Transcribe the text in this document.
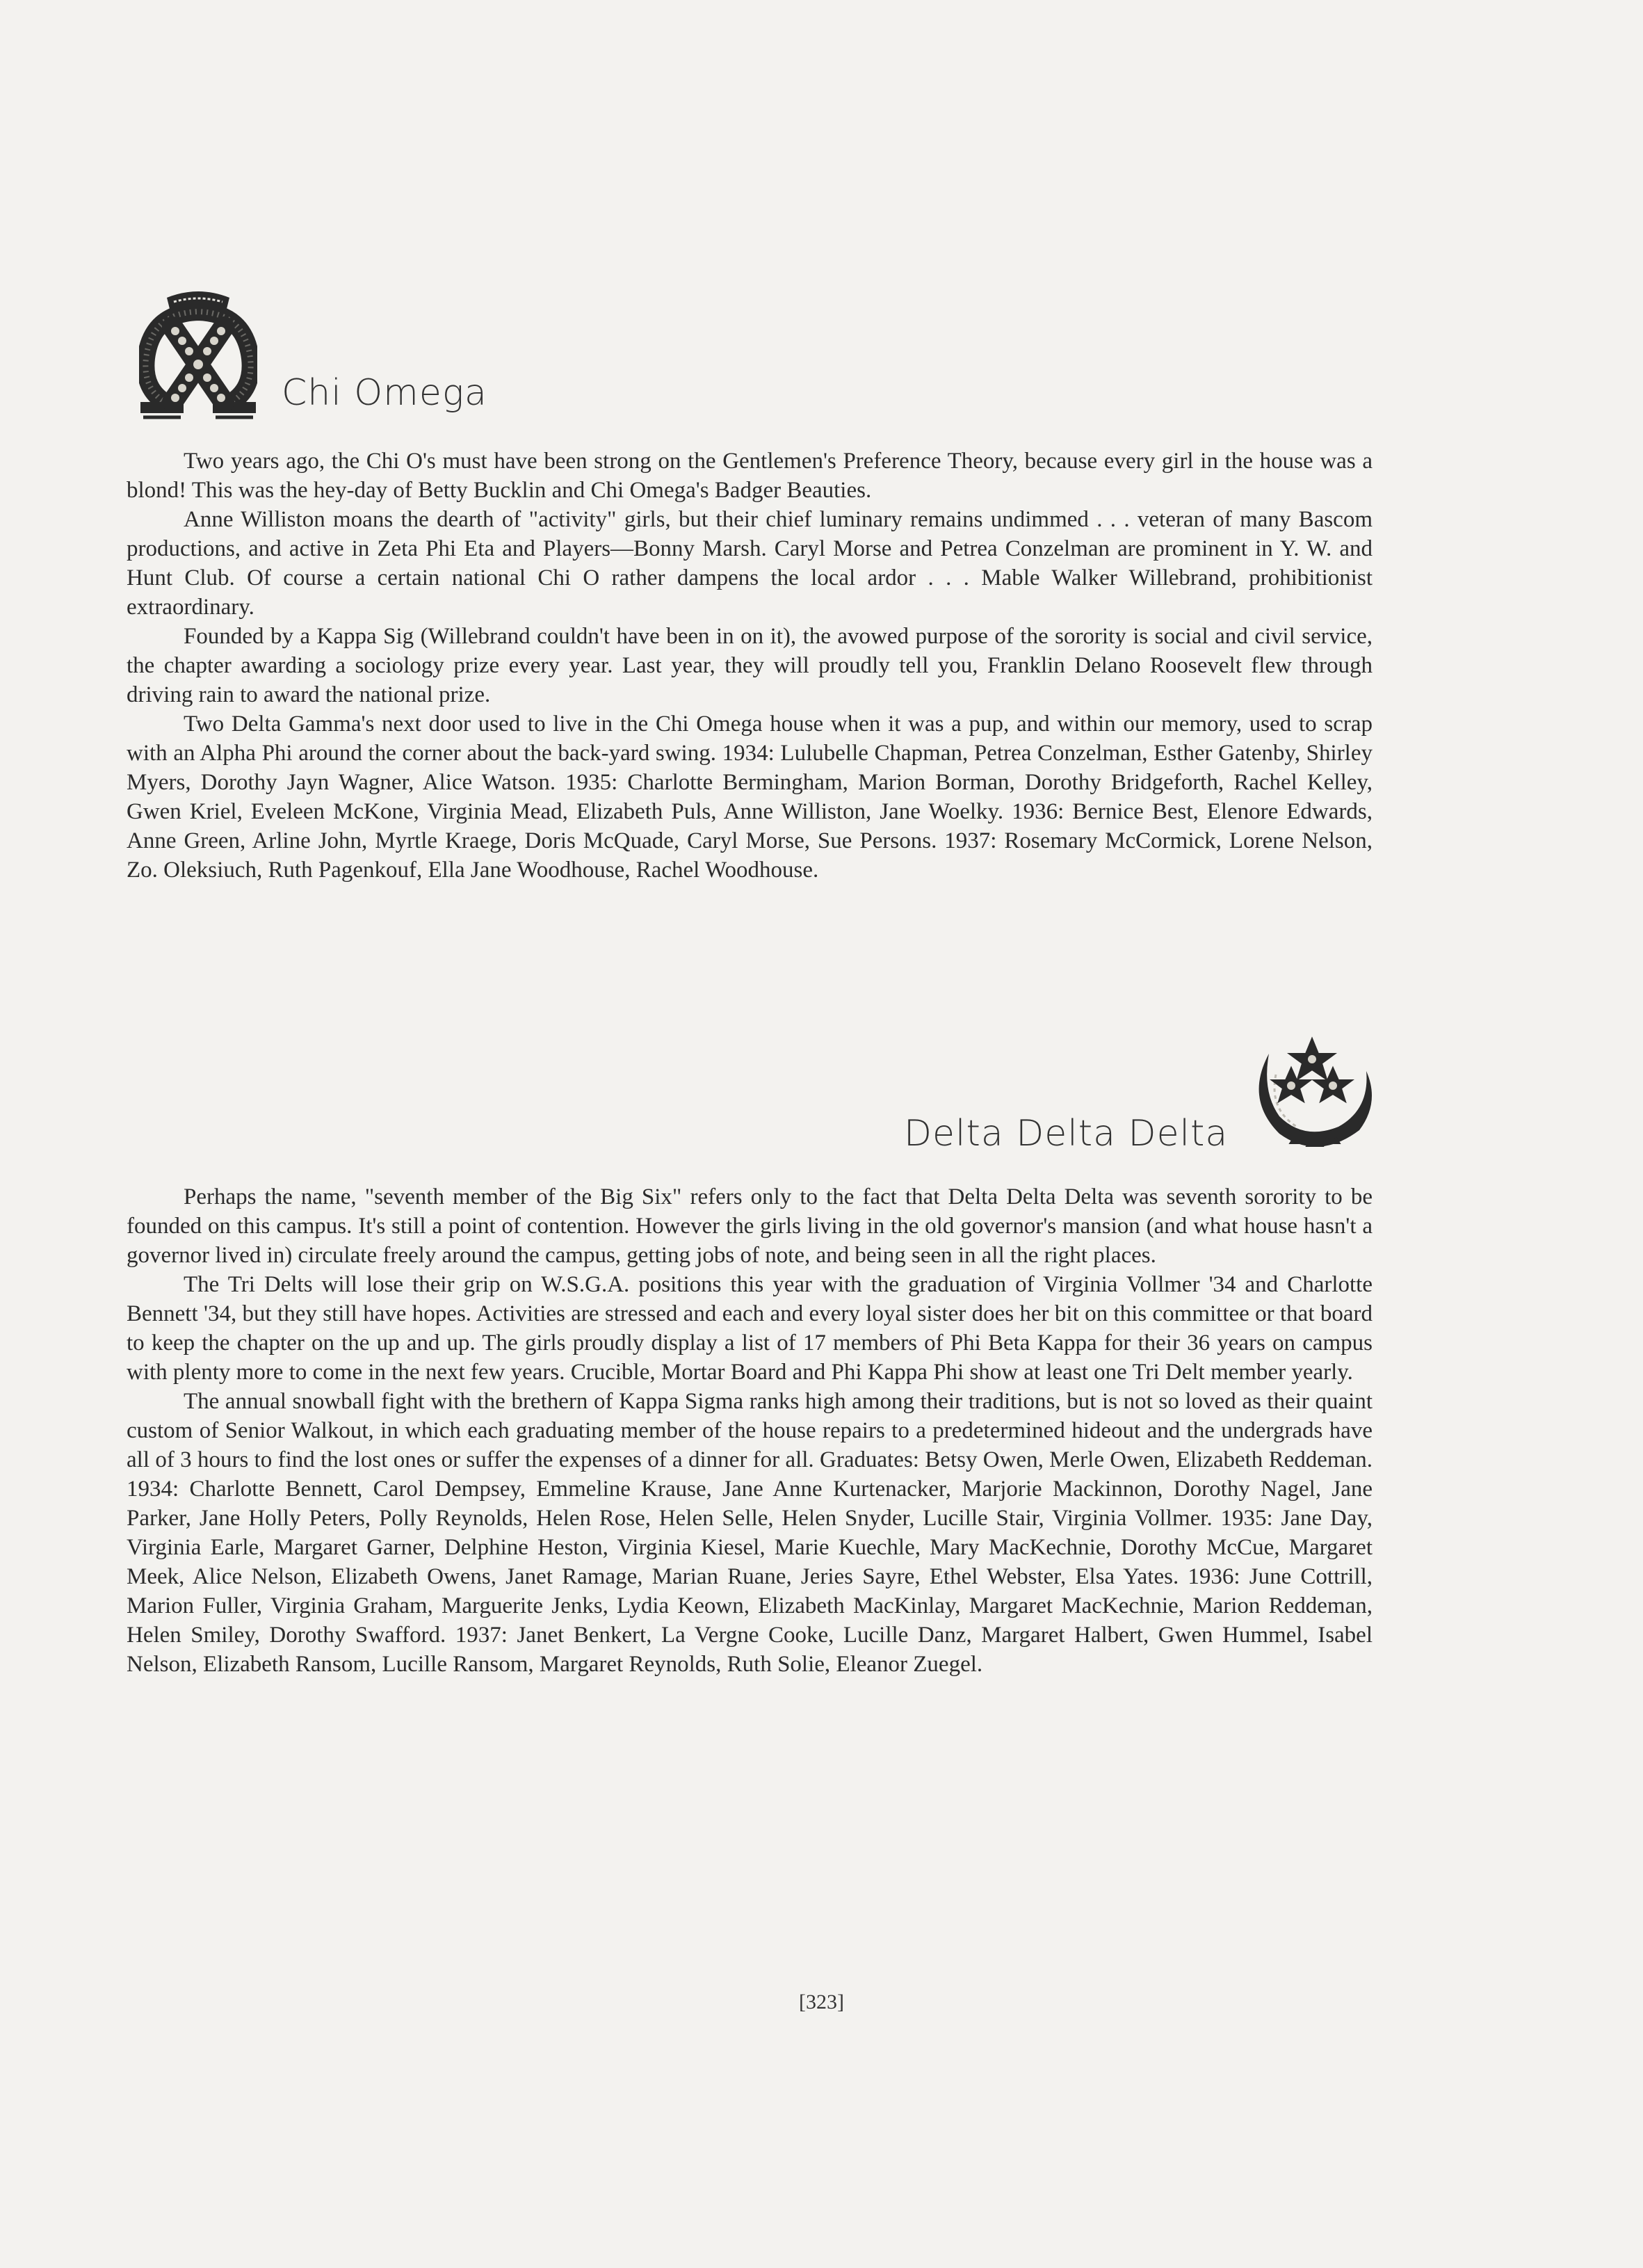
Chi Omega

Two years ago, the Chi O's must have been strong on the Gentlemen's Preference Theory, because every girl in the house was a blond! This was the hey-day of Betty Bucklin and Chi Omega's Badger Beauties.

Anne Williston moans the dearth of "activity" girls, but their chief luminary remains undimmed . . . veteran of many Bascom productions, and active in Zeta Phi Eta and Players—Bonny Marsh. Caryl Morse and Petrea Conzelman are prominent in Y. W. and Hunt Club. Of course a certain national Chi O rather dampens the local ardor . . . Mable Walker Willebrand, prohibitionist extraordinary.

Founded by a Kappa Sig (Willebrand couldn't have been in on it), the avowed purpose of the sorority is social and civil service, the chapter awarding a sociology prize every year. Last year, they will proudly tell you, Franklin Delano Roosevelt flew through driving rain to award the national prize.

Two Delta Gamma's next door used to live in the Chi Omega house when it was a pup, and within our memory, used to scrap with an Alpha Phi around the corner about the back-yard swing. 1934: Lulubelle Chapman, Petrea Conzelman, Esther Gatenby, Shirley Myers, Dorothy Jayn Wagner, Alice Watson. 1935: Charlotte Bermingham, Marion Borman, Dorothy Bridgeforth, Rachel Kelley, Gwen Kriel, Eveleen McKone, Virginia Mead, Elizabeth Puls, Anne Williston, Jane Woelky. 1936: Bernice Best, Elenore Edwards, Anne Green, Arline John, Myrtle Kraege, Doris McQuade, Caryl Morse, Sue Persons. 1937: Rosemary McCormick, Lorene Nelson, Zo. Oleksiuch, Ruth Pagenkouf, Ella Jane Woodhouse, Rachel Woodhouse.

Delta Delta Delta

Perhaps the name, "seventh member of the Big Six" refers only to the fact that Delta Delta Delta was seventh sorority to be founded on this campus. It's still a point of contention. However the girls living in the old governor's mansion (and what house hasn't a governor lived in) circulate freely around the campus, getting jobs of note, and being seen in all the right places.

The Tri Delts will lose their grip on W.S.G.A. positions this year with the graduation of Virginia Vollmer '34 and Charlotte Bennett '34, but they still have hopes. Activities are stressed and each and every loyal sister does her bit on this committee or that board to keep the chapter on the up and up. The girls proudly display a list of 17 members of Phi Beta Kappa for their 36 years on campus with plenty more to come in the next few years. Crucible, Mortar Board and Phi Kappa Phi show at least one Tri Delt member yearly.

The annual snowball fight with the brethern of Kappa Sigma ranks high among their traditions, but is not so loved as their quaint custom of Senior Walkout, in which each graduating member of the house repairs to a predetermined hideout and the undergrads have all of 3 hours to find the lost ones or suffer the expenses of a dinner for all. Graduates: Betsy Owen, Merle Owen, Elizabeth Reddeman. 1934: Charlotte Bennett, Carol Dempsey, Emmeline Krause, Jane Anne Kurtenacker, Marjorie Mackinnon, Dorothy Nagel, Jane Parker, Jane Holly Peters, Polly Reynolds, Helen Rose, Helen Selle, Helen Snyder, Lucille Stair, Virginia Vollmer. 1935: Jane Day, Virginia Earle, Margaret Garner, Delphine Heston, Virginia Kiesel, Marie Kuechle, Mary MacKechnie, Dorothy McCue, Margaret Meek, Alice Nelson, Elizabeth Owens, Janet Ramage, Marian Ruane, Jeries Sayre, Ethel Webster, Elsa Yates. 1936: June Cottrill, Marion Fuller, Virginia Graham, Marguerite Jenks, Lydia Keown, Elizabeth MacKinlay, Margaret MacKechnie, Marion Reddeman, Helen Smiley, Dorothy Swafford. 1937: Janet Benkert, La Vergne Cooke, Lucille Danz, Margaret Halbert, Gwen Hummel, Isabel Nelson, Elizabeth Ransom, Lucille Ransom, Margaret Reynolds, Ruth Solie, Eleanor Zuegel.

[323]
